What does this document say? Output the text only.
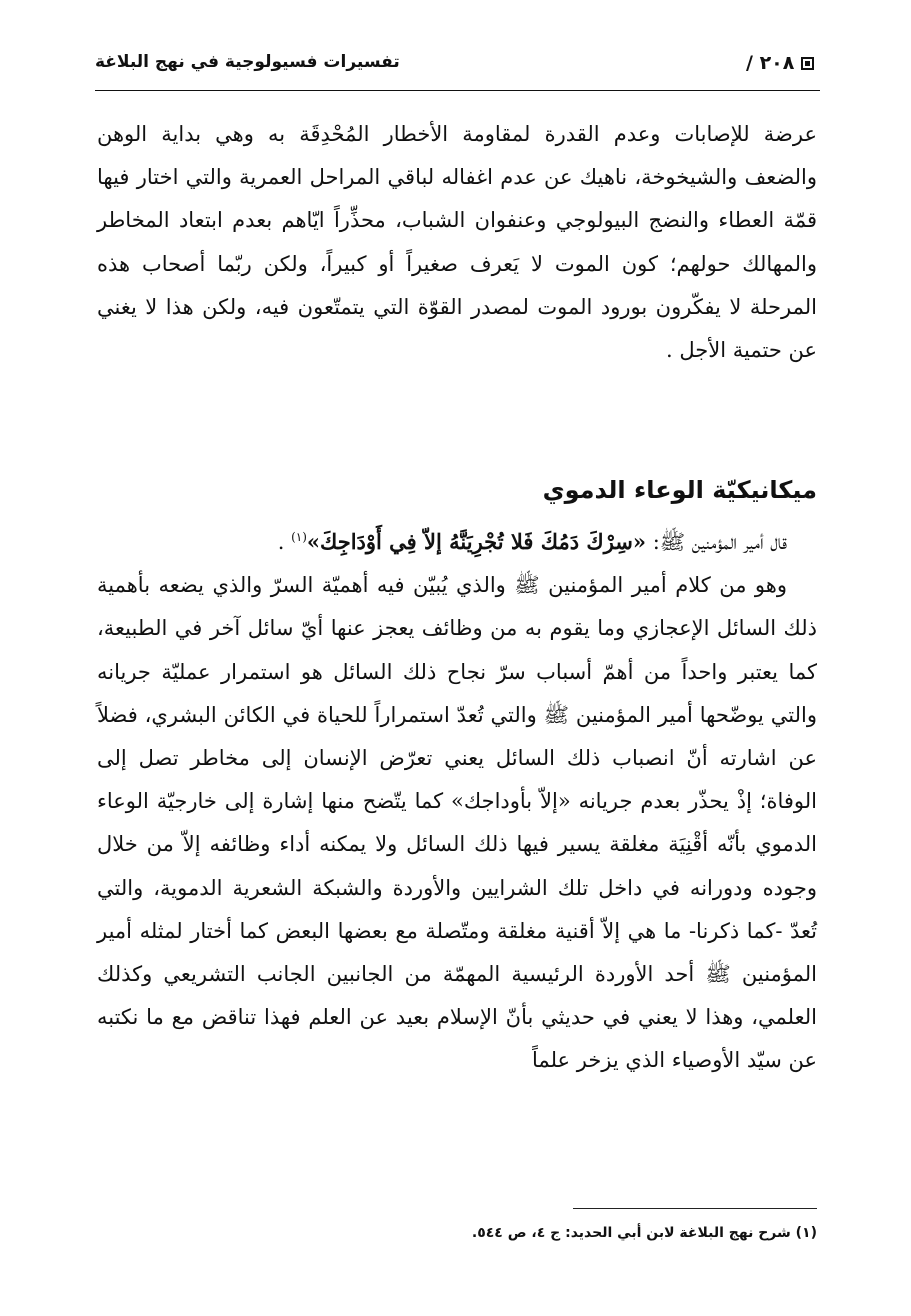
٢٠٨ /
تفسيرات فسيولوجية في نهج البلاغة

عرضة للإصابات وعدم القدرة لمقاومة الأخطار المُحْدِقَة به وهي بداية الوهن والضعف والشيخوخة، ناهيك عن عدم اغفاله لباقي المراحل العمرية والتي اختار فيها قمّة العطاء والنضج البيولوجي وعنفوان الشباب، محذِّراً ايّاهم بعدم ابتعاد المخاطر والمهالك حولهم؛ كون الموت لا يَعرف صغيراً أو كبيراً، ولكن ربّما أصحاب هذه المرحلة لا يفكّرون بورود الموت لمصدر القوّة التي يتمتّعون فيه، ولكن هذا لا يغني عن حتمية الأجل .

ميكانيكيّة الوعاء الدموي

قال أمير المؤمنين ﷺ: «سِرْكَ دَمُكَ فَلا تُجْرِيَنَّهُ إلاّ فِي أَوْدَاجِكَ»$^{(١)}$ .

وهو من كلام أمير المؤمنين ﷺ والذي يُبيّن فيه أهميّة السرّ والذي يضعه بأهمية ذلك السائل الإعجازي وما يقوم به من وظائف يعجز عنها أيّ سائل آخر في الطبيعة، كما يعتبر واحداً من أهمّ أسباب سرّ نجاح ذلك السائل هو استمرار عمليّة جريانه والتي يوضّحها أمير المؤمنين ﷺ والتي تُعدّ استمراراً للحياة في الكائن البشري، فضلاً عن اشارته أنّ انصباب ذلك السائل يعني تعرّض الإنسان إلى مخاطر تصل إلى الوفاة؛ إذْ يحذّر بعدم جريانه «إلاّ بأوداجك» كما يتّضح منها إشارة إلى خارجيّة الوعاء الدموي بأنّه أقْنِيَة مغلقة يسير فيها ذلك السائل ولا يمكنه أداء وظائفه إلاّ من خلال وجوده ودورانه في داخل تلك الشرايين والأوردة والشبكة الشعرية الدموية، والتي تُعدّ -كما ذكرنا- ما هي إلاّ أقنية مغلقة ومتّصلة مع بعضها البعض كما أختار لمثله أمير المؤمنين ﷺ أحد الأوردة الرئيسية المهمّة من الجانبين الجانب التشريعي وكذلك العلمي، وهذا لا يعني في حديثي بأنّ الإسلام بعيد عن العلم فهذا تناقض مع ما نكتبه عن سيّد الأوصياء الذي يزخر علماً

(١) شرح نهج البلاغة لابن أبي الحديد: ج ٤، ص ٥٤٤.
